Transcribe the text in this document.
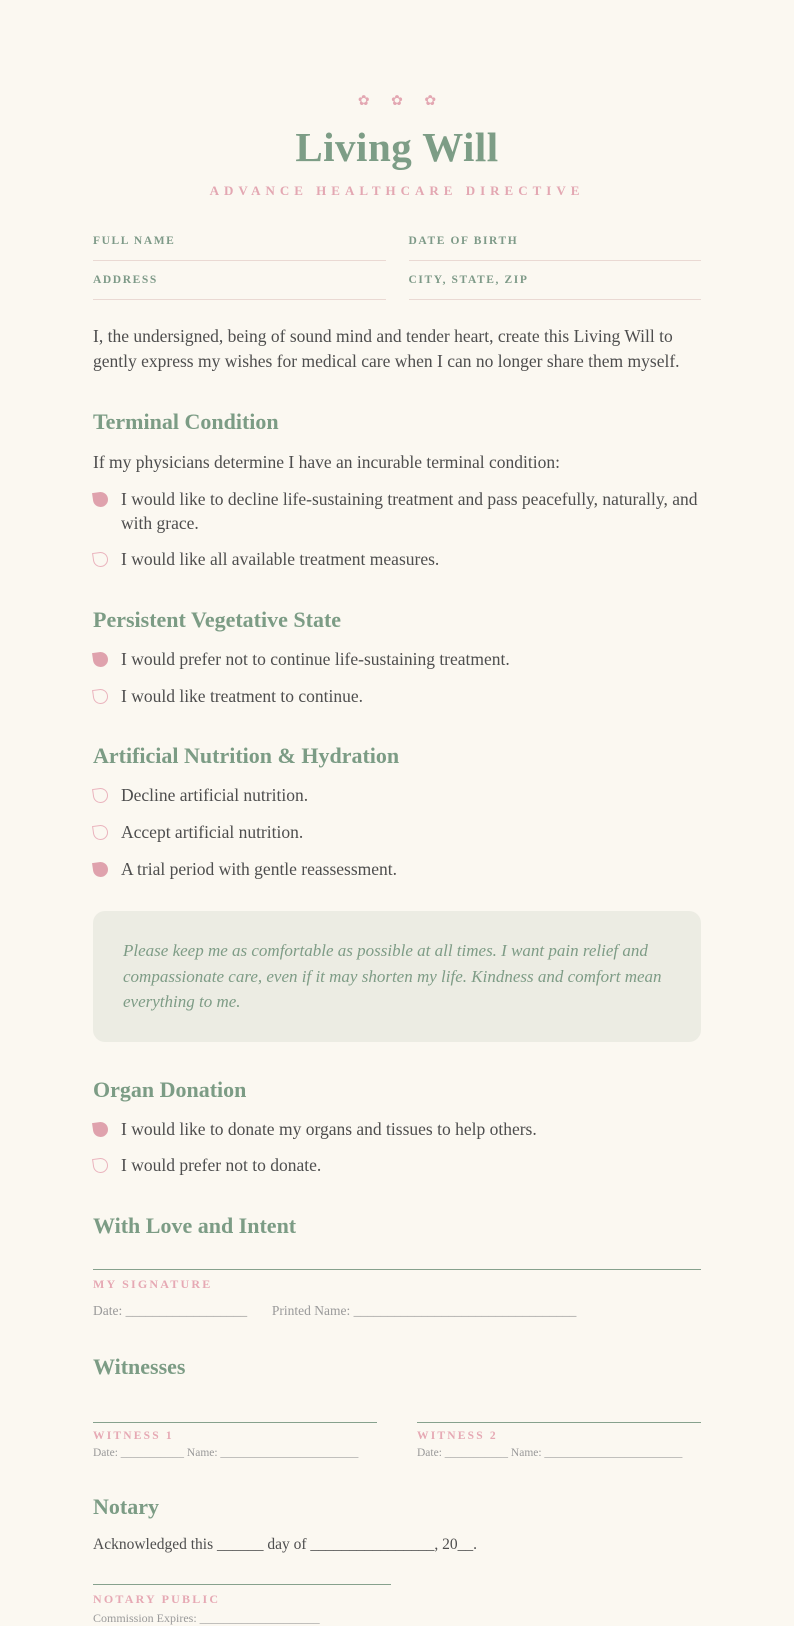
✿ ✿ ✿
Living Will
ADVANCE HEALTHCARE DIRECTIVE
FULL NAME	DATE OF BIRTH
ADDRESS	CITY, STATE, ZIP

I, the undersigned, being of sound mind and tender heart, create this Living Will to gently express my wishes for medical care when I can no longer share them myself.

Terminal Condition

If my physicians determine I have an incurable terminal condition:

I would like to decline life-sustaining treatment and pass peacefully, naturally, and with grace.
I would like all available treatment measures.
Persistent Vegetative State
I would prefer not to continue life-sustaining treatment.
I would like treatment to continue.
Artificial Nutrition & Hydration
Decline artificial nutrition.
Accept artificial nutrition.
A trial period with gentle reassessment.
Please keep me as comfortable as possible at all times. I want pain relief and compassionate care, even if it may shorten my life. Kindness and comfort mean everything to me.
Organ Donation
I would like to donate my organs and tissues to help others.
I would prefer not to donate.
With Love and Intent
MY SIGNATURE
Date: __________________ Printed Name: _________________________________
Witnesses
WITNESS 1
Date: ___________ Name: ________________________
WITNESS 2
Date: ___________ Name: ________________________
Notary

Acknowledged this ______ day of ________________, 20__.

NOTARY PUBLIC
Commission Expires: ____________________
